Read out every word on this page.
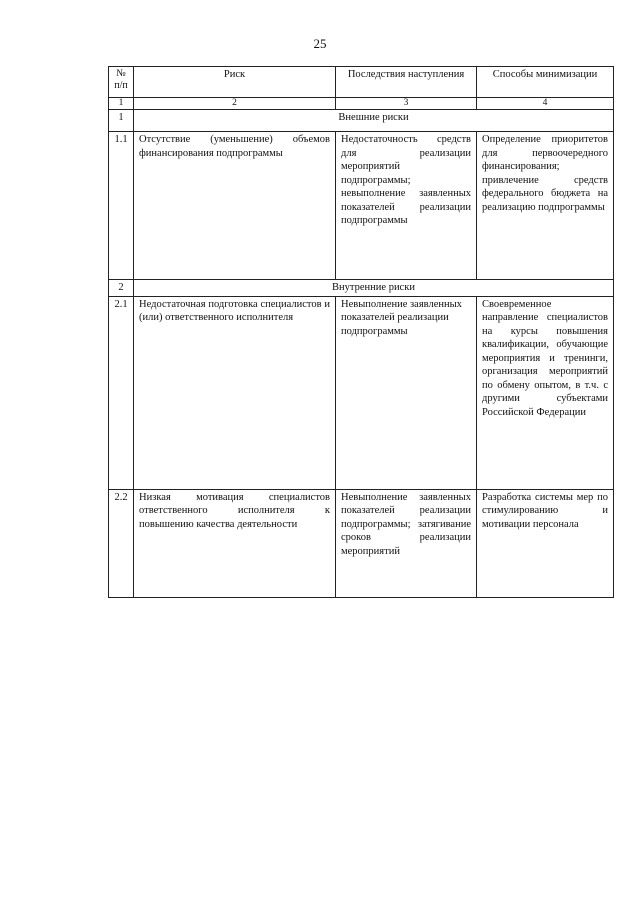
25
№ п/п	Риск	Последствия наступления	Способы минимизации
1	2	3	4
1	Внешние риски		
1.1	Отсутствие (уменьшение) объемов финансирования подпрограммы	Недостаточность средств для реализации мероприятий подпрограммы; невыполнение заявленных показателей реализации подпрограммы	Определение приоритетов для первоочередного финансирования; привлечение средств федерального бюджета на реализацию подпрограммы
2	Внутренние риски		
2.1	Недостаточная подготовка специалистов и (или) ответственного исполнителя	Невыполнение заявленных показателей реализации подпрограммы	Своевременное направление специалистов на курсы повышения квалификации, обучающие мероприятия и тренинги, организация мероприятий по обмену опытом, в т.ч. с другими субъектами Российской Федерации
2.2	Низкая мотивация специалистов ответственного исполнителя к повышению качества деятельности	Невыполнение заявленных показателей реализации подпрограммы; затягивание сроков реализации мероприятий	Разработка системы мер по стимулированию и мотивации персонала
